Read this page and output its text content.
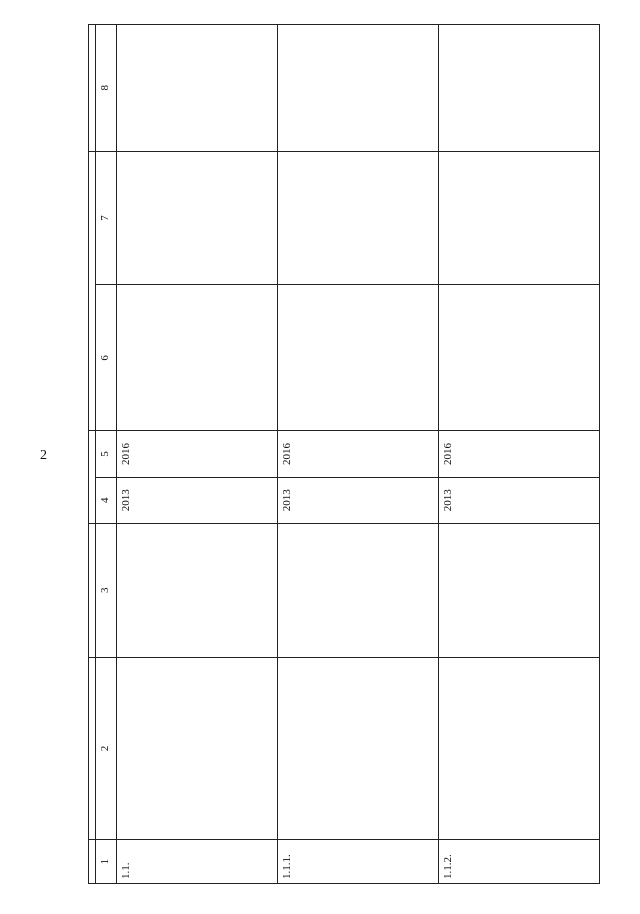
2

1	2	3	4	5	6	7	8
1.1.			2013	2016			
1.1.1.			2013	2016			
1.1.2.			2013	2016			
